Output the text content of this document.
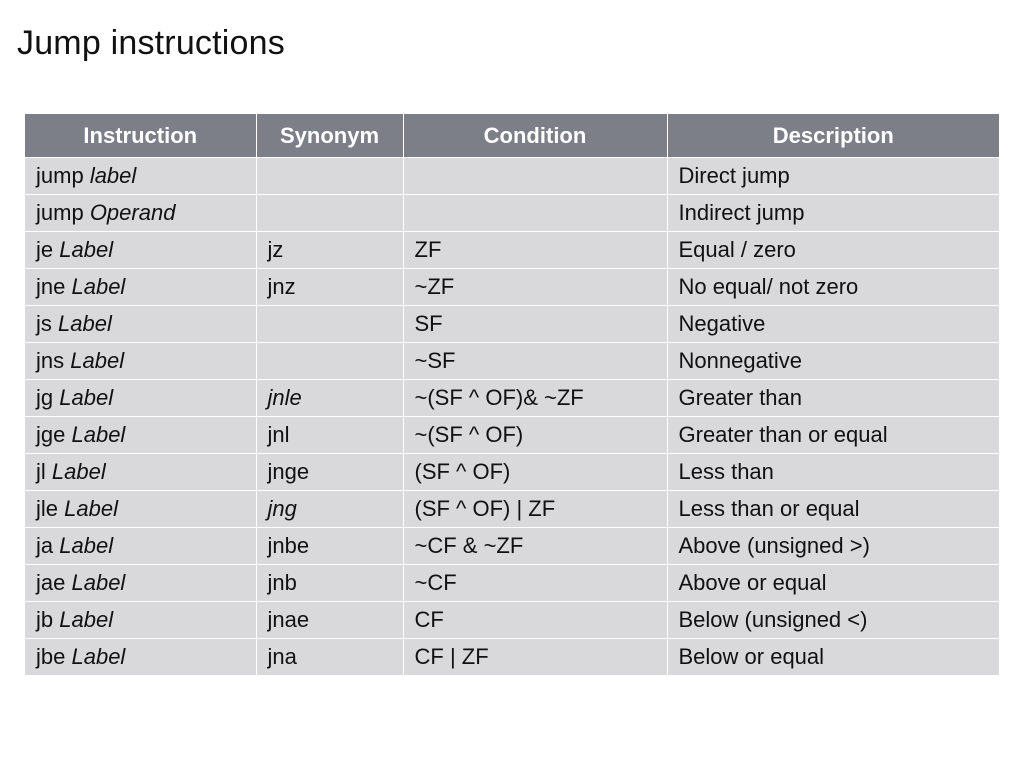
Jump instructions
Instruction	Synonym	Condition	Description
jump label			Direct jump
jump Operand			Indirect jump
je Label	jz	ZF	Equal / zero
jne Label	jnz	~ZF	No equal/ not zero
js Label		SF	Negative
jns Label		~SF	Nonnegative
jg Label	jnle	~(SF ^ OF)& ~ZF	Greater than
jge Label	jnl	~(SF ^ OF)	Greater than or equal
jl Label	jnge	(SF ^ OF)	Less than
jle Label	jng	(SF ^ OF) | ZF	Less than or equal
ja Label	jnbe	~CF & ~ZF	Above (unsigned >)
jae Label	jnb	~CF	Above or equal
jb Label	jnae	CF	Below (unsigned <)
jbe Label	jna	CF | ZF	Below or equal
